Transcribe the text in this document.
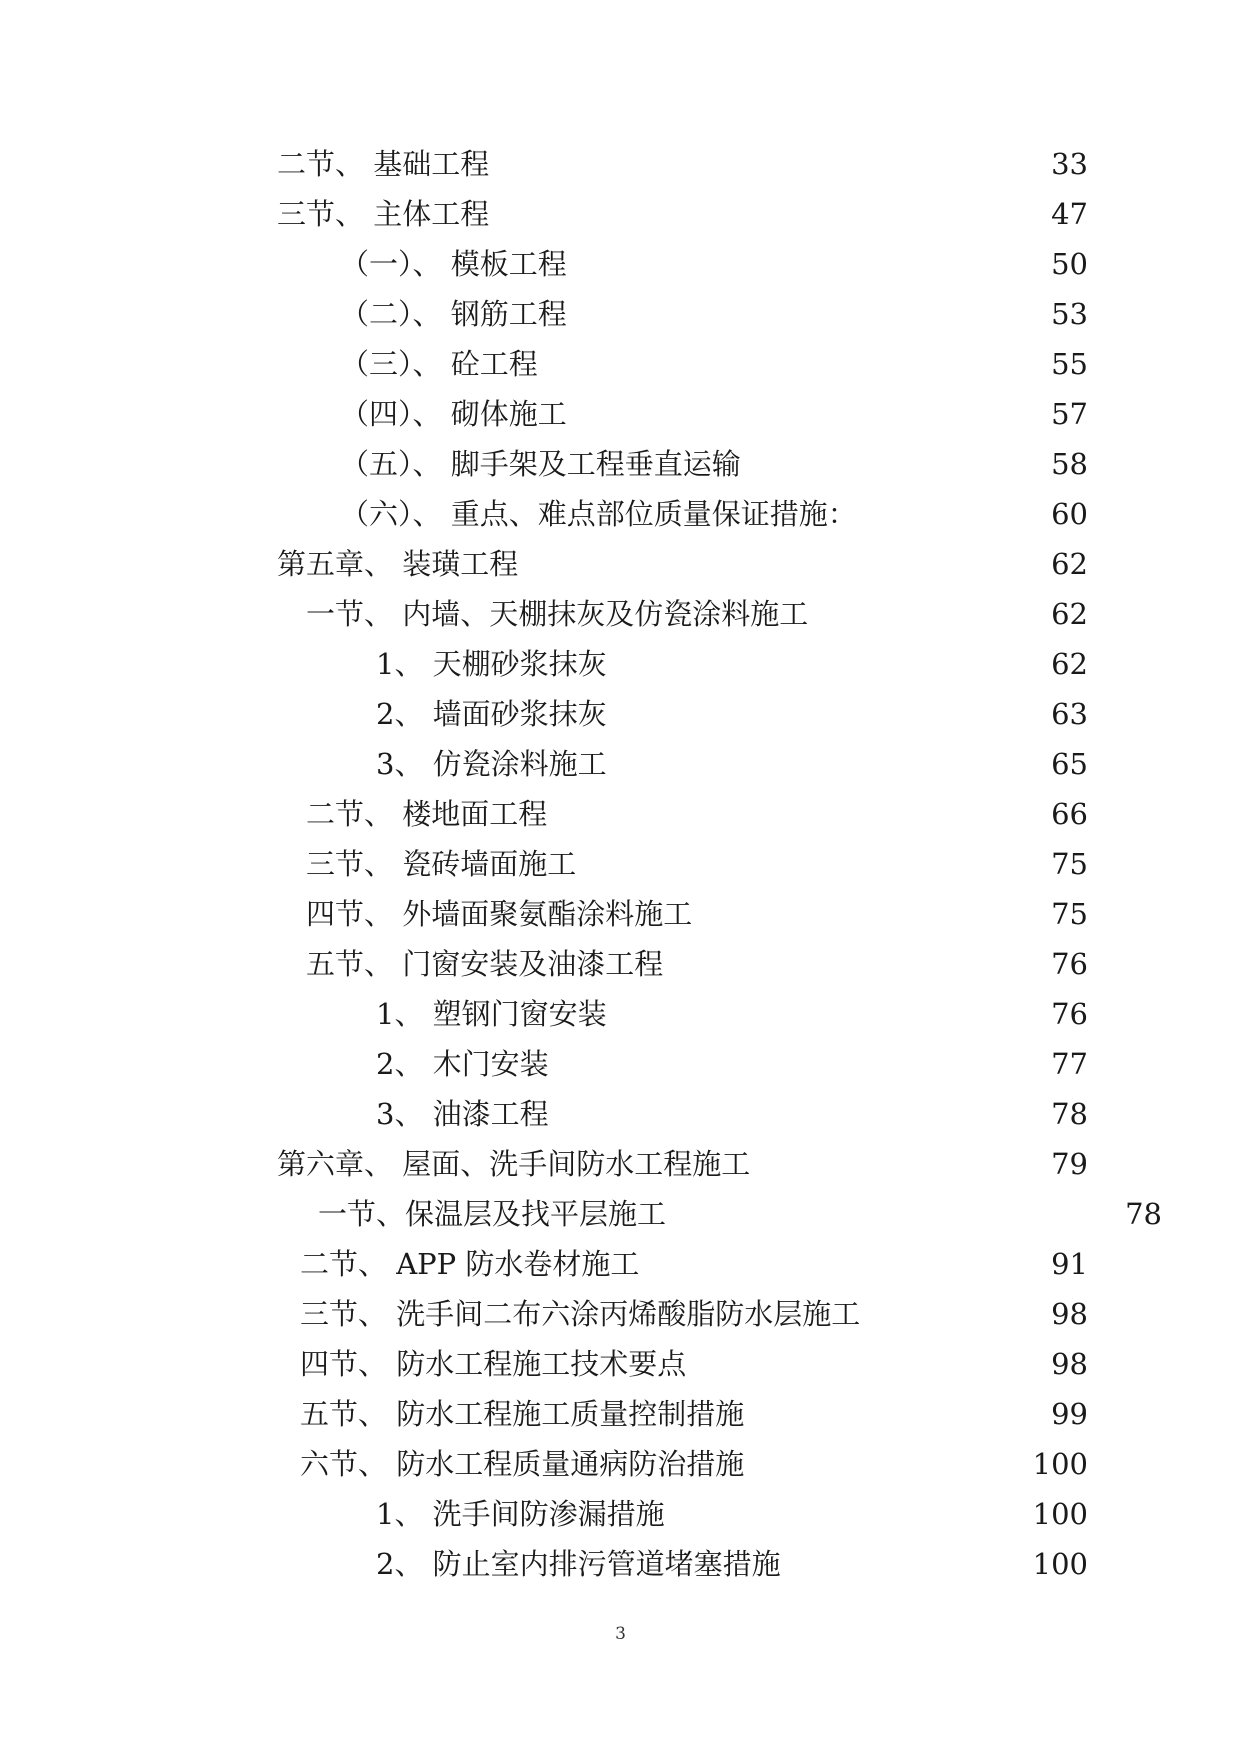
二节、 基础工程	33
三节、 主体工程	47
（一）、 模板工程	50
（二）、 钢筋工程	53
（三）、 砼工程	55
（四）、 砌体施工	57
（五）、 脚手架及工程垂直运输	58
（六）、 重点、难点部位质量保证措施：	60
第五章、 装璜工程	62
一节、 内墙、天棚抹灰及仿瓷涂料施工	62
1、 天棚砂浆抹灰	62
2、 墙面砂浆抹灰	63
3、 仿瓷涂料施工	65
二节、 楼地面工程	66
三节、 瓷砖墙面施工	75
四节、 外墙面聚氨酯涂料施工	75
五节、 门窗安装及油漆工程	76
1、 塑钢门窗安装	76
2、 木门安装	77
3、 油漆工程	78
第六章、 屋面、洗手间防水工程施工	79
一节、保温层及找平层施工	78
二节、 APP 防水卷材施工	91
三节、 洗手间二布六涂丙烯酸脂防水层施工	98
四节、 防水工程施工技术要点	98
五节、 防水工程施工质量控制措施	99
六节、 防水工程质量通病防治措施	100
1、 洗手间防渗漏措施	100
2、 防止室内排污管道堵塞措施	100
3
